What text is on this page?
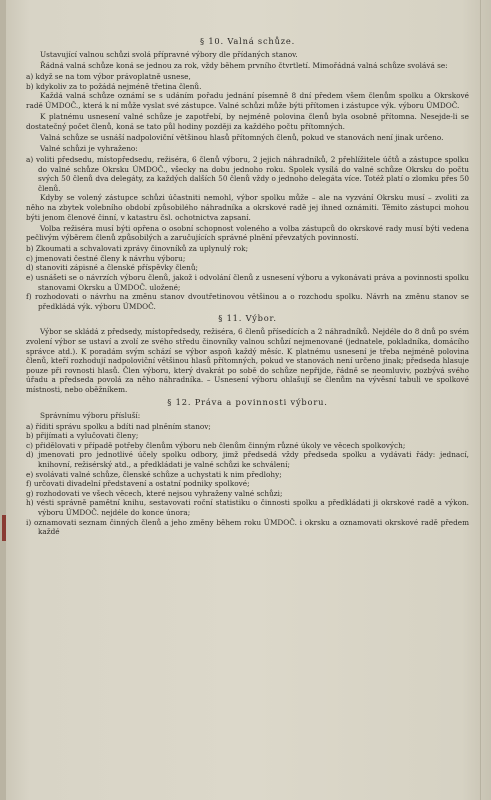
§ 10. Valná schůze.

Ustavující valnou schůzi svolá přípravné výbory dle přídaných stanov.

Řádná valná schůze koná se jednou za rok, vždy během prvního čtvrtletí. Mimořádná valná schůze svolává se:

a) když se na tom výbor právoplatně usnese,

b) kdykoliv za to požádá nejméně třetina členů.

Každá valná schůze oznámí se s udáním pořadu jednání písemně 8 dní předem všem členům spolku a Okrskové radě ÚMDOČ., která k ní může vyslat své zástupce. Valné schůzi může býti přítomen i zástupce výk. výboru ÚMDOČ.

K platnému usnesení valné schůze je zapotřebí, by nejméně polovina členů byla osobně přítomna. Nesejde-li se dostatečný počet členů, koná se tato půl hodiny později za každého počtu přítomných.

Valná schůze se usnáší nadpoloviční většinou hlasů přítomných členů, pokud ve stanovách není jinak určeno.

Valné schůzi je vyhraženo:

a) voliti předsedu, místopředsedu, režiséra, 6 členů výboru, 2 jejich náhradníků, 2 přehlížitele účtů a zástupce spolku do valné schůze Okrsku ÚMDOČ., všecky na dobu jednoho roku. Spolek vysílá do valné schůze Okrsku do počtu svých 50 členů dva delegáty, za každých dalších 50 členů vždy o jednoho delegáta více. Totéž platí o zlomku přes 50 členů.

Kdyby se volený zástupce schůzi účastniti nemohl, výbor spolku může – ale na vyzvání Okrsku musí – zvoliti za něho na zbytek volebního období způsobilého náhradníka a okrskové radě jej ihned oznámiti. Těmito zástupci mohou býti jenom členové činní, v katastru čsl. ochotnictva zapsaní.

Volba režiséra musí býti opřena o osobní schopnost voleného a volba zástupců do okrskové rady musí býti vedena pečlivým výběrem členů způsobilých a zaručujících správné plnění převzatých povinností.

b) Zkoumati a schvalovati zprávy činovníků za uplynulý rok;

c) jmenovati čestné členy k návrhu výboru;

d) stanoviti zápisné a členské příspěvky členů;

e) usnášeti se o návrzích výboru členů, jakož i odvolání členů z usnesení výboru a vykonávati práva a povinnosti spolku stanovami Okrsku a ÚMDOČ. uložené;

f) rozhodovati o návrhu na změnu stanov dvoutřetinovou většinou a o rozchodu spolku. Návrh na změnu stanov se předkládá výk. výboru ÚMDOČ.

§ 11. Výbor.

Výbor se skládá z předsedy, místopředsedy, režiséra, 6 členů přísedících a 2 náhradníků. Nejdéle do 8 dnů po svém zvolení výbor se ustaví a zvolí ze svého středu činovníky valnou schůzí nejmenované (jednatele, pokladníka, domácího správce atd.). K poradám svým schází se výbor aspoň každý měsíc. K platnému usnesení je třeba nejméně polovina členů, kteří rozhodují nadpoloviční většinou hlasů přítomných, pokud ve stanovách není určeno jinak; předseda hlasuje pouze při rovnosti hlasů. Člen výboru, který dvakrát po sobě do schůze nepřijde, řádně se neomluviv, pozbývá svého úřadu a předseda povolá za něho náhradníka. – Usnesení výboru ohlašují se členům na vývěsní tabuli ve spolkové místnosti, nebo oběžníkem.

§ 12. Práva a povinnosti výboru.

Správnímu výboru přísluší:

a) říditi správu spolku a bdíti nad plněním stanov;

b) přijímati a vylučovati členy;

c) přidělovati v případě potřeby členům výboru neb členům činným různé úkoly ve věcech spolkových;

d) jmenovati pro jednotlivé účely spolku odbory, jimž předsedá vždy předseda spolku a vydávati řády: jednací, knihovní, režisérský atd., a předkládati je valné schůzi ke schválení;

e) svolávati valné schůze, členské schůze a uchystati k nim předlohy;

f) určovati divadelní představení a ostatní podniky spolkové;

g) rozhodovati ve všech věcech, které nejsou vyhraženy valné schůzi;

h) vésti správně pamětní knihu, sestavovati roční statistiku o činnosti spolku a předkládati ji okrskové radě a výkon. výboru ÚMDOČ. nejdéle do konce února;

i) oznamovati seznam činných členů a jeho změny během roku ÚMDOČ. i okrsku a oznamovati okrskové radě předem každé
